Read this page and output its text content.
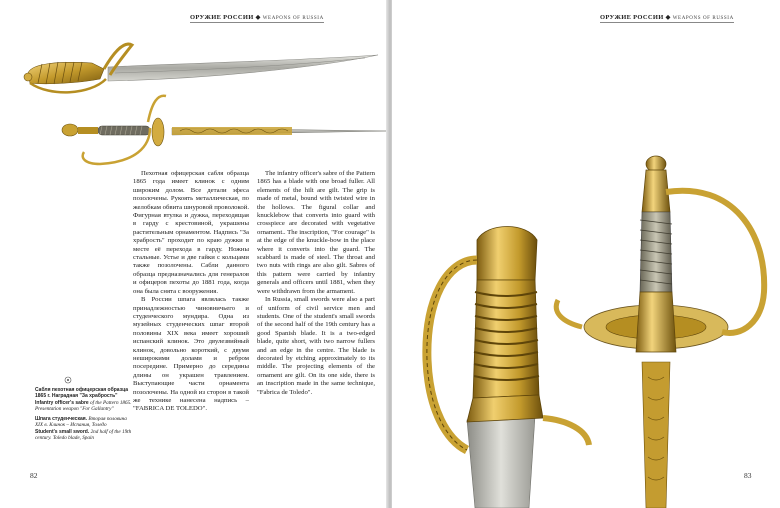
ОРУЖИЕ РОССИИ ◆ WEAPONS OF RUSSIA

Пехотная офицерская сабля образца 1865 года имеет клинок с одним широким долом. Все детали эфеса позолочены. Рукоять металлическая, по желобкам обвита шнуровой проволокой. Фигурная втулка и дужка, переходящая в гарду с крестовиной, украшены растительным орнаментом. Надпись "За храбрость" проходит по краю дужки в месте её перехода в гарду. Ножны стальные. Устье и две гайки с кольцами также позолочены. Сабли данного образца предназначались для генералов и офицеров пехоты до 1881 года, когда она была снята с вооружения.

В России шпага являлась также принадлежностью чиновничьего и студенческого мундира. Одна из музейных студенческих шпаг второй половины XIX века имеет хороший испанский клинок. Это двулезвийный клинок, довольно короткий, с двумя неширокими долами и ребром посередине. Примерно до середины длины он украшен травлением. Выступающие части орнамента позолочены. На одной из сторон в такой же технике нанесена надпись – "FABRICA DE TOLEDO".

The infantry officer's sabre of the Pattern 1865 has a blade with one broad fuller. All elements of the hilt are gilt. The grip is made of metal, bound with twisted wire in the hollows. The figural collar and knucklebow that converts into guard with crosspiece are decorated with vegetative ornament.. The inscription, "For courage" is at the edge of the knuckle-bow in the place where it converts into the guard. The scabbard is made of steel. The throat and two nuts with rings are also gilt. Sabres of this pattern were carried by infantry generals and officers until 1881, when they were withdrawn from the armament.

In Russia, small swords were also a part of uniform of civil service men and students. One of the student's small swords of the second half of the 19th century has a good Spanish blade. It is a two-edged blade, quite short, with two narrow fullers and an edge in the centre. The blade is decorated by etching approximately to its middle. The projecting elements of the ornament are gilt. On its one side, there is an inscription made in the same technique, "Fabrica de Toledo".

Сабля пехотная офицерская образца 1865 г. Наградная "За храбрость"
Infantry officer's sabre of the Pattern 1865. Presentation weapon "For Gallantry"

Шпага студенческая. Вторая половина XIX в. Клинок – Испания, Толедо
Student's small sword. 2nd half of the 19th century. Toledo blade, Spain

82
ОРУЖИЕ РОССИИ ◆ WEAPONS OF RUSSIA
83
